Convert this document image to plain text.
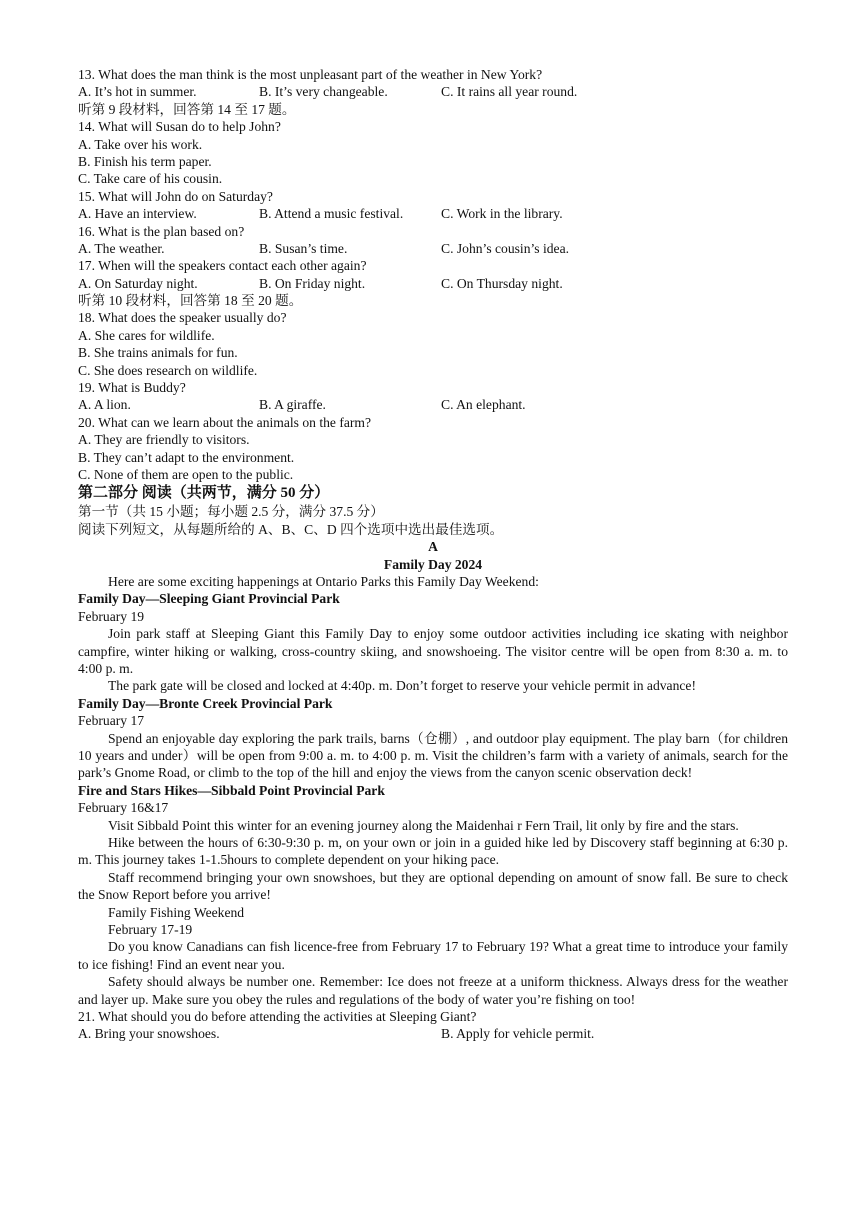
13. What does the man think is the most unpleasant part of the weather in New York?
A. It’s hot in summer.	B. It’s very changeable.	C. It rains all year round.
听第 9 段材料，回答第 14 至 17 题。
14. What will Susan do to help John?
A. Take over his work.
B. Finish his term paper.
C. Take care of his cousin.
15. What will John do on Saturday?
A. Have an interview.	B. Attend a music festival.	C. Work in the library.
16. What is the plan based on?
A. The weather.	B. Susan’s time.	C. John’s cousin’s idea.
17. When will the speakers contact each other again?
A. On Saturday night.	B. On Friday night.	C. On Thursday night.
听第 10 段材料，回答第 18 至 20 题。
18. What does the speaker usually do?
A. She cares for wildlife.
B. She trains animals for fun.
C. She does research on wildlife.
19. What is Buddy?
A. A lion.	B. A giraffe.	C. An elephant.
20. What can we learn about the animals on the farm?
A. They are friendly to visitors.
B. They can’t adapt to the environment.
C. None of them are open to the public.
第二部分 阅读（共两节，满分 50 分）
第一节（共 15 小题；每小题 2.5 分，满分 37.5 分）
阅读下列短文，从每题所给的 A、B、C、D 四个选项中选出最佳选项。
A
Family Day 2024
Here are some exciting happenings at Ontario Parks this Family Day Weekend:
Family Day—Sleeping Giant Provincial Park
February 19
Join park staff at Sleeping Giant this Family Day to enjoy some outdoor activities including ice skating with neighbor campfire, winter hiking or walking, cross-country skiing, and snowshoeing. The visitor centre will be open from 8:30 a. m. to 4:00 p. m.
The park gate will be closed and locked at 4:40p. m. Don’t forget to reserve your vehicle permit in advance!
Family Day—Bronte Creek Provincial Park
February 17
Spend an enjoyable day exploring the park trails, barns（仓棚）, and outdoor play equipment. The play barn（for children 10 years and under）will be open from 9:00 a. m. to 4:00 p. m. Visit the children’s farm with a variety of animals, search for the park’s Gnome Road, or climb to the top of the hill and enjoy the views from the canyon scenic observation deck!
Fire and Stars Hikes—Sibbald Point Provincial Park
February 16&17
Visit Sibbald Point this winter for an evening journey along the Maidenhai r Fern Trail, lit only by fire and the stars.
Hike between the hours of 6:30-9:30 p. m, on your own or join in a guided hike led by Discovery staff beginning at 6:30 p. m. This journey takes 1-1.5hours to complete dependent on your hiking pace.
Staff recommend bringing your own snowshoes, but they are optional depending on amount of snow fall. Be sure to check the Snow Report before you arrive!
Family Fishing Weekend
February 17-19
Do you know Canadians can fish licence-free from February 17 to February 19? What a great time to introduce your family to ice fishing! Find an event near you.
Safety should always be number one. Remember: Ice does not freeze at a uniform thickness. Always dress for the weather and layer up. Make sure you obey the rules and regulations of the body of water you’re fishing on too!
21. What should you do before attending the activities at Sleeping Giant?
A. Bring your snowshoes.	B. Apply for vehicle permit.
